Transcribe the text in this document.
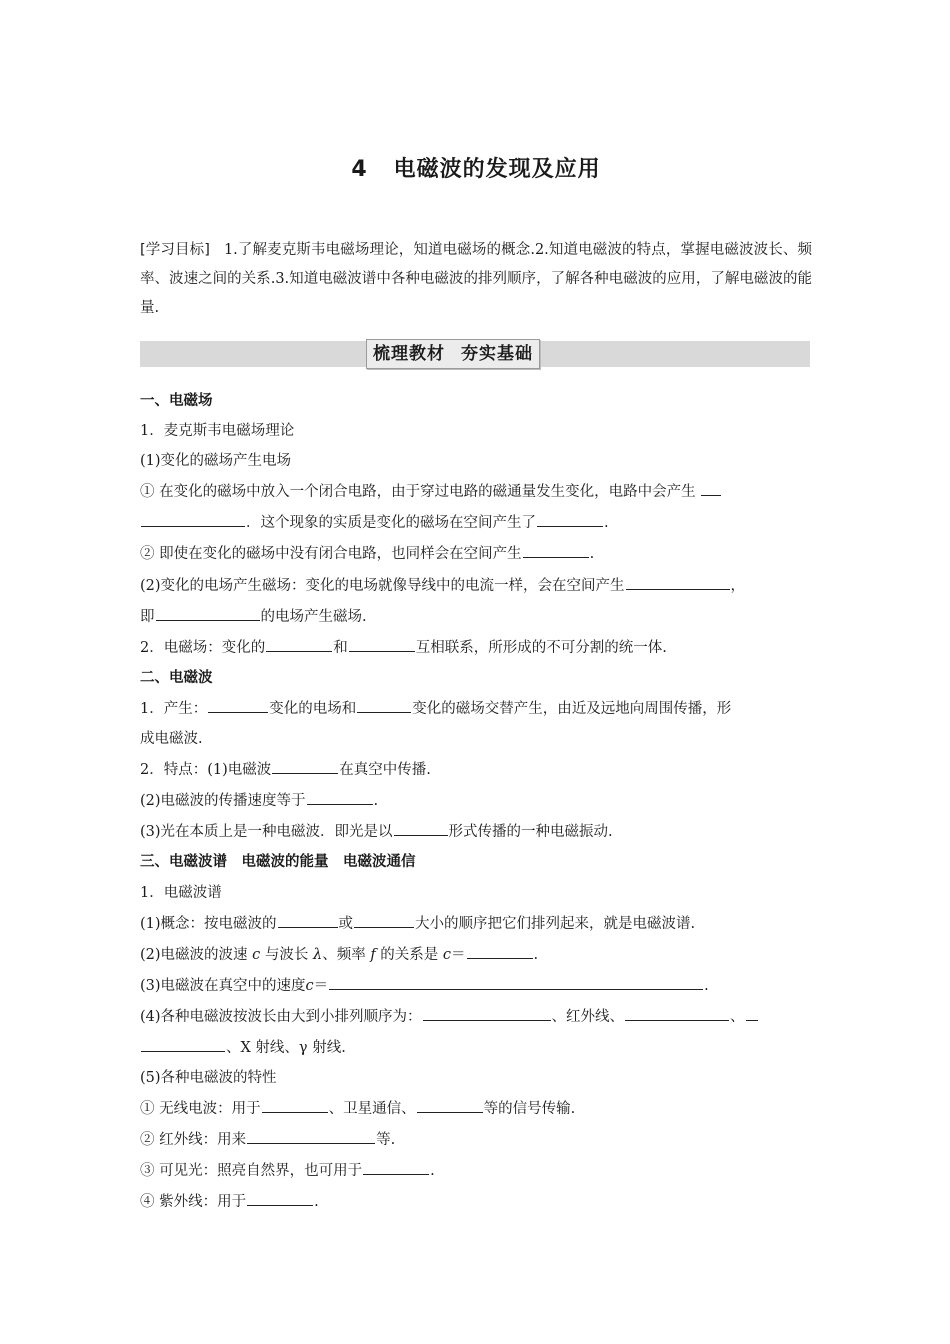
4 电磁波的发现及应用
[学习目标] 1.了解麦克斯韦电磁场理论，知道电磁场的概念.2.知道电磁波的特点，掌握电磁波波长、频率、波速之间的关系.3.知道电磁波谱中各种电磁波的排列顺序，了解各种电磁波的应用，了解电磁波的能量.
梳理教材 夯实基础
一、电磁场
1．麦克斯韦电磁场理论
(1)变化的磁场产生电场
① 在变化的磁场中放入一个闭合电路，由于穿过电路的磁通量发生变化，电路中会产生
．这个现象的实质是变化的磁场在空间产生了	.
② 即使在变化的磁场中没有闭合电路，也同样会在空间产生	.
(2)变化的电场产生磁场：变化的电场就像导线中的电流一样，会在空间产生	，
即	的电场产生磁场.
2．电磁场：变化的	和	互相联系，所形成的不可分割的统一体.
二、电磁波
1．产生：	变化的电场和	变化的磁场交替产生，由近及远地向周围传播，形
成电磁波.
2．特点：(1)电磁波	在真空中传播.
(2)电磁波的传播速度等于	.
(3)光在本质上是一种电磁波．即光是以	形式传播的一种电磁振动.
三、电磁波谱　电磁波的能量　电磁波通信
1．电磁波谱
(1)概念：按电磁波的	或	大小的顺序把它们排列起来，就是电磁波谱.
(2)电磁波的波速 c 与波长 λ、频率 f 的关系是 c＝	.
(3)电磁波在真空中的速度c＝	.
(4)各种电磁波按波长由大到小排列顺序为：	、红外线、	、
、X 射线、γ 射线.
(5)各种电磁波的特性
① 无线电波：用于	、卫星通信、	等的信号传输.
② 红外线：用来	等.
③ 可见光：照亮自然界，也可用于	.
④ 紫外线：用于	.
